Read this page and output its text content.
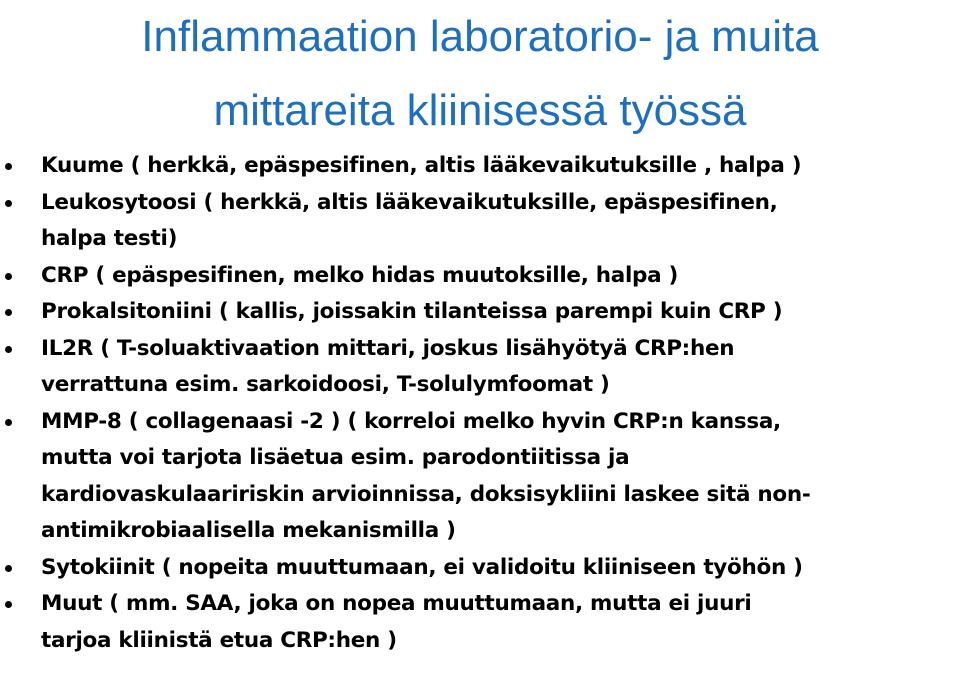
Inflammaation laboratorio- ja muita
mittareita kliinisessä työssä
Kuume ( herkkä, epäspesifinen, altis lääkevaikutuksille , halpa )
Leukosytoosi ( herkkä, altis lääkevaikutuksille, epäspesifinen,
halpa testi)
CRP ( epäspesifinen, melko hidas muutoksille, halpa )
Prokalsitoniini ( kallis, joissakin tilanteissa parempi kuin CRP )
IL2R ( T-soluaktivaation mittari, joskus lisähyötyä CRP:hen
verrattuna esim. sarkoidoosi, T-solulymfoomat )
MMP-8 ( collagenaasi -2 ) ( korreloi melko hyvin CRP:n kanssa,
mutta voi tarjota lisäetua esim. parodontiitissa ja
kardiovaskulaaririskin arvioinnissa, doksisykliini laskee sitä non-
antimikrobiaalisella mekanismilla )
Sytokiinit ( nopeita muuttumaan, ei validoitu kliiniseen työhön )
Muut ( mm. SAA, joka on nopea muuttumaan, mutta ei juuri
tarjoa kliinistä etua CRP:hen )
